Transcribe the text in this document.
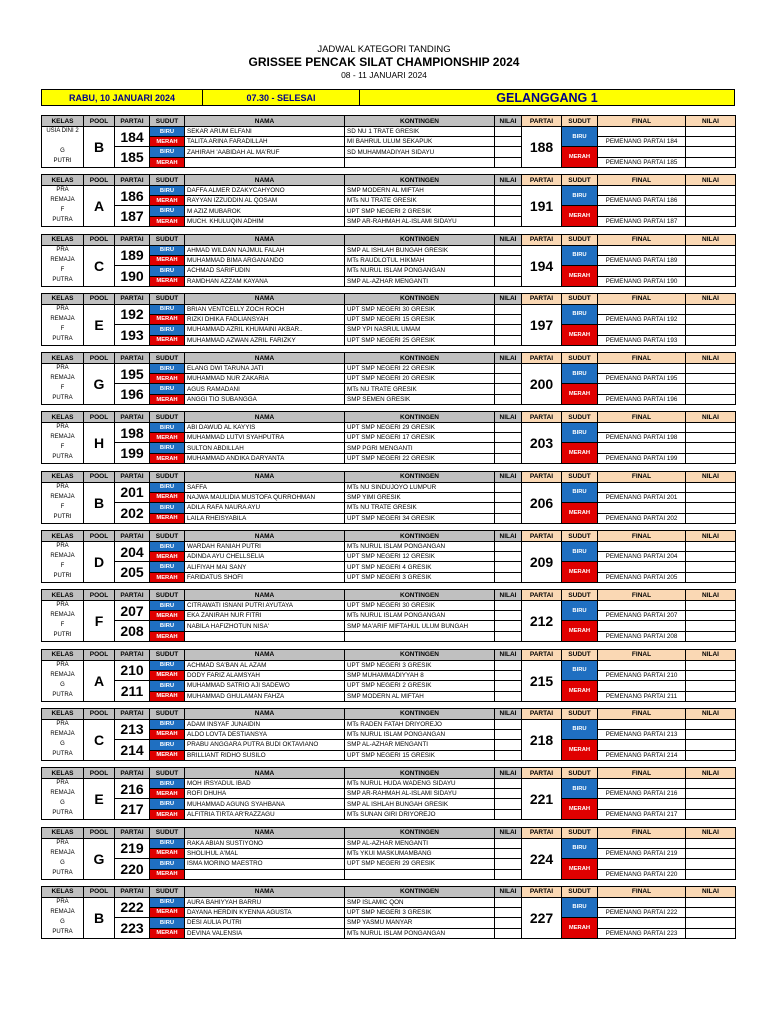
JADWAL KATEGORI TANDING
GRISSEE PENCAK SILAT CHAMPIONSHIP 2024
08 - 11 JANUARI 2024
RABU, 10 JANUARI 2024	07.30 - SELESAI	GELANGGANG 1
KELAS	POOL	PARTAI	SUDUT	NAMA	KONTINGEN	NILAI	PARTAI	SUDUT	FINAL	NILAI

USIA DINI 2
G
PUTRI	B	184	BIRU	SEKAR ARUM ELFANI	SD NU 1 TRATE GRESIK		188	BIRU		
			MERAH	TALITA ARINA FARADILLAH	MI BAHRUL ULUM SEKAPUK				PEMENANG PARTAI 184	
		185	BIRU	ZAHIRAH 'AABIDAH AL MA'RUF	SD MUHAMMADIYAH SIDAYU			MERAH		
			MERAH						PEMENANG PARTAI 185	
KELAS	POOL	PARTAI	SUDUT	NAMA	KONTINGEN	NILAI	PARTAI	SUDUT	FINAL	NILAI

PRA
REMAJA
F
PUTRA	A	186	BIRU	DAFFA ALMER DZAKYCAHYONO	SMP MODERN AL MIFTAH		191	BIRU		
			MERAH	RAYYAN IZZUDDIN AL QOSAM	MTs NU TRATE GRESIK				PEMENANG PARTAI 186	
		187	BIRU	M AZIZ MUBAROK	UPT SMP NEGERI 2 GRESIK			MERAH		
			MERAH	MUCH. KHULUQIN ADHIM	SMP AR-RAHMAH AL-ISLAMI SIDAYU				PEMENANG PARTAI 187	
KELAS	POOL	PARTAI	SUDUT	NAMA	KONTINGEN	NILAI	PARTAI	SUDUT	FINAL	NILAI

PRA
REMAJA
F
PUTRA	C	189	BIRU	AHMAD WILDAN NAJMUL FALAH	SMP AL ISHLAH BUNGAH GRESIK		194	BIRU		
			MERAH	MUHAMMAD BIMA ARGANANDO	MTs RAUDLOTUL HIKMAH				PEMENANG PARTAI 189	
		190	BIRU	ACHMAD SARIFUDIN	MTs NURUL ISLAM PONGANGAN			MERAH		
			MERAH	RAMDHAN AZZAM KAYANA	SMP AL-AZHAR MENGANTI				PEMENANG PARTAI 190	
KELAS	POOL	PARTAI	SUDUT	NAMA	KONTINGEN	NILAI	PARTAI	SUDUT	FINAL	NILAI

PRA
REMAJA
F
PUTRA	E	192	BIRU	BRIAN VENTCELLY ZOCH ROCH	UPT SMP NEGERI 30 GRESIK		197	BIRU		
			MERAH	RIZKI DHIKA FADLIANSYAH	UPT SMP NEGERI 15 GRESIK				PEMENANG PARTAI 192	
		193	BIRU	MUHAMMAD AZRIL KHUMAINI AKBAR..	SMP YPI NASRUL UMAM			MERAH		
			MERAH	MUHAMMAD AZWAN AZRIL FARIZKY	UPT SMP NEGERI 25 GRESIK				PEMENANG PARTAI 193	
KELAS	POOL	PARTAI	SUDUT	NAMA	KONTINGEN	NILAI	PARTAI	SUDUT	FINAL	NILAI

PRA
REMAJA
F
PUTRA	G	195	BIRU	ELANG DWI TARUNA JATI	UPT SMP NEGERI 22 GRESIK		200	BIRU		
			MERAH	MUHAMMAD NUR ZAKARIA	UPT SMP NEGERI 20 GRESIK				PEMENANG PARTAI 195	
		196	BIRU	AGUS RAMADANI	MTs NU TRATE GRESIK			MERAH		
			MERAH	ANGGI TIO SUBANGGA	SMP SEMEN GRESIK				PEMENANG PARTAI 196	
KELAS	POOL	PARTAI	SUDUT	NAMA	KONTINGEN	NILAI	PARTAI	SUDUT	FINAL	NILAI

PRA
REMAJA
F
PUTRA	H	198	BIRU	ABI DAWUD AL KAYYIS	UPT SMP NEGERI 29 GRESIK		203	BIRU		
			MERAH	MUHAMMAD LUTVI SYAHPUTRA	UPT SMP NEGERI 17 GRESIK				PEMENANG PARTAI 198	
		199	BIRU	SULTON ABDILLAH	SMP PGRI MENGANTI			MERAH		
			MERAH	MUHAMMAD ANDIKA DARYANTA	UPT SMP NEGERI 22 GRESIK				PEMENANG PARTAI 199	
KELAS	POOL	PARTAI	SUDUT	NAMA	KONTINGEN	NILAI	PARTAI	SUDUT	FINAL	NILAI

PRA
REMAJA
F
PUTRI	B	201	BIRU	SAFFA	MTs NU SINDUJOYO LUMPUR		206	BIRU		
			MERAH	NAJWA MAULIDIA MUSTOFA QURROHMAN	SMP YIMI GRESIK				PEMENANG PARTAI 201	
		202	BIRU	ADILA RAFA NAURA AYU	MTs NU TRATE GRESIK			MERAH		
			MERAH	LAILA RHEISYABILA	UPT SMP NEGERI 34 GRESIK				PEMENANG PARTAI 202	
KELAS	POOL	PARTAI	SUDUT	NAMA	KONTINGEN	NILAI	PARTAI	SUDUT	FINAL	NILAI

PRA
REMAJA
F
PUTRI	D	204	BIRU	WARDAH RANIAH PUTRI	MTs NURUL ISLAM PONGANGAN		209	BIRU		
			MERAH	ADINDA AYU CHELLSELIA	UPT SMP NEGERI 12 GRESIK				PEMENANG PARTAI 204	
		205	BIRU	ALIFIYAH MAI SANY	UPT SMP NEGERI 4 GRESIK			MERAH		
			MERAH	FARIDATUS SHOFI	UPT SMP NEGERI 3 GRESIK				PEMENANG PARTAI 205	
KELAS	POOL	PARTAI	SUDUT	NAMA	KONTINGEN	NILAI	PARTAI	SUDUT	FINAL	NILAI

PRA
REMAJA
F
PUTRI	F	207	BIRU	CITRAWATI ISNANI PUTRI AYUTAYA	UPT SMP NEGERI 30 GRESIK		212	BIRU		
			MERAH	EKA ZANIRAH NUR FITRI	MTs NURUL ISLAM PONGANGAN				PEMENANG PARTAI 207	
		208	BIRU	NABILA HAFIZHOTUN NISA'	SMP MA'ARIF MIFTAHUL ULUM BUNGAH			MERAH		
			MERAH						PEMENANG PARTAI 208	
KELAS	POOL	PARTAI	SUDUT	NAMA	KONTINGEN	NILAI	PARTAI	SUDUT	FINAL	NILAI

PRA
REMAJA
G
PUTRA	A	210	BIRU	ACHMAD SA'BAN AL AZAM	UPT SMP NEGERI 3 GRESIK		215	BIRU		
			MERAH	DODY FARIZ ALAMSYAH	SMP MUHAMMADIYYAH 8				PEMENANG PARTAI 210	
		211	BIRU	MUHAMMAD SATRIO AJI SADEWO	UPT SMP NEGERI 2 GRESIK			MERAH		
			MERAH	MUHAMMAD GHULAMAN FAHZA	SMP MODERN AL MIFTAH				PEMENANG PARTAI 211	
KELAS	POOL	PARTAI	SUDUT	NAMA	KONTINGEN	NILAI	PARTAI	SUDUT	FINAL	NILAI

PRA
REMAJA
G
PUTRA	C	213	BIRU	ADAM INSYAF JUNAIDIN	MTs RADEN FATAH DRIYOREJO		218	BIRU		
			MERAH	ALDO LOVTA DESTIANSYA	MTs NURUL ISLAM PONGANGAN				PEMENANG PARTAI 213	
		214	BIRU	PRABU ANGGARA PUTRA BUDI OKTAVIANO	SMP AL-AZHAR MENGANTI			MERAH		
			MERAH	BRILLIANT RIDHO SUSILO	UPT SMP NEGERI 15 GRESIK				PEMENANG PARTAI 214	
KELAS	POOL	PARTAI	SUDUT	NAMA	KONTINGEN	NILAI	PARTAI	SUDUT	FINAL	NILAI

PRA
REMAJA
G
PUTRA	E	216	BIRU	MOH IRSYADUL IBAD	MTs NURUL HUDA WADENG SIDAYU		221	BIRU		
			MERAH	ROFI DHUHA	SMP AR-RAHMAH AL-ISLAMI SIDAYU				PEMENANG PARTAI 216	
		217	BIRU	MUHAMMAD AGUNG SYAHBANA	SMP AL ISHLAH BUNGAH GRESIK			MERAH		
			MERAH	ALFITRIA TIRTA AR'RAZZAGU	MTs SUNAN GIRI DRIYOREJO				PEMENANG PARTAI 217	
KELAS	POOL	PARTAI	SUDUT	NAMA	KONTINGEN	NILAI	PARTAI	SUDUT	FINAL	NILAI

PRA
REMAJA
G
PUTRA	G	219	BIRU	RAKA ABIAN SUSTIYONO	SMP AL-AZHAR MENGANTI		224	BIRU		
			MERAH	SHOLIHUL A'MAL	MTs YKUI MASKUMAMBANG				PEMENANG PARTAI 219	
		220	BIRU	ISMA MORINO MAESTRO	UPT SMP NEGERI 29 GRESIK			MERAH		
			MERAH						PEMENANG PARTAI 220	
KELAS	POOL	PARTAI	SUDUT	NAMA	KONTINGEN	NILAI	PARTAI	SUDUT	FINAL	NILAI

PRA
REMAJA
G
PUTRA	B	222	BIRU	AURA BAHIYYAH BARRU	SMP ISLAMIC QON		227	BIRU		
			MERAH	DAYANA HERDIN KYENNA AGUSTA	UPT SMP NEGERI 3 GRESIK				PEMENANG PARTAI 222	
		223	BIRU	DESI AULIA PUTRI	SMP YASMU MANYAR			MERAH		
			MERAH	DEVINA VALENSIA	MTs NURUL ISLAM PONGANGAN				PEMENANG PARTAI 223	
